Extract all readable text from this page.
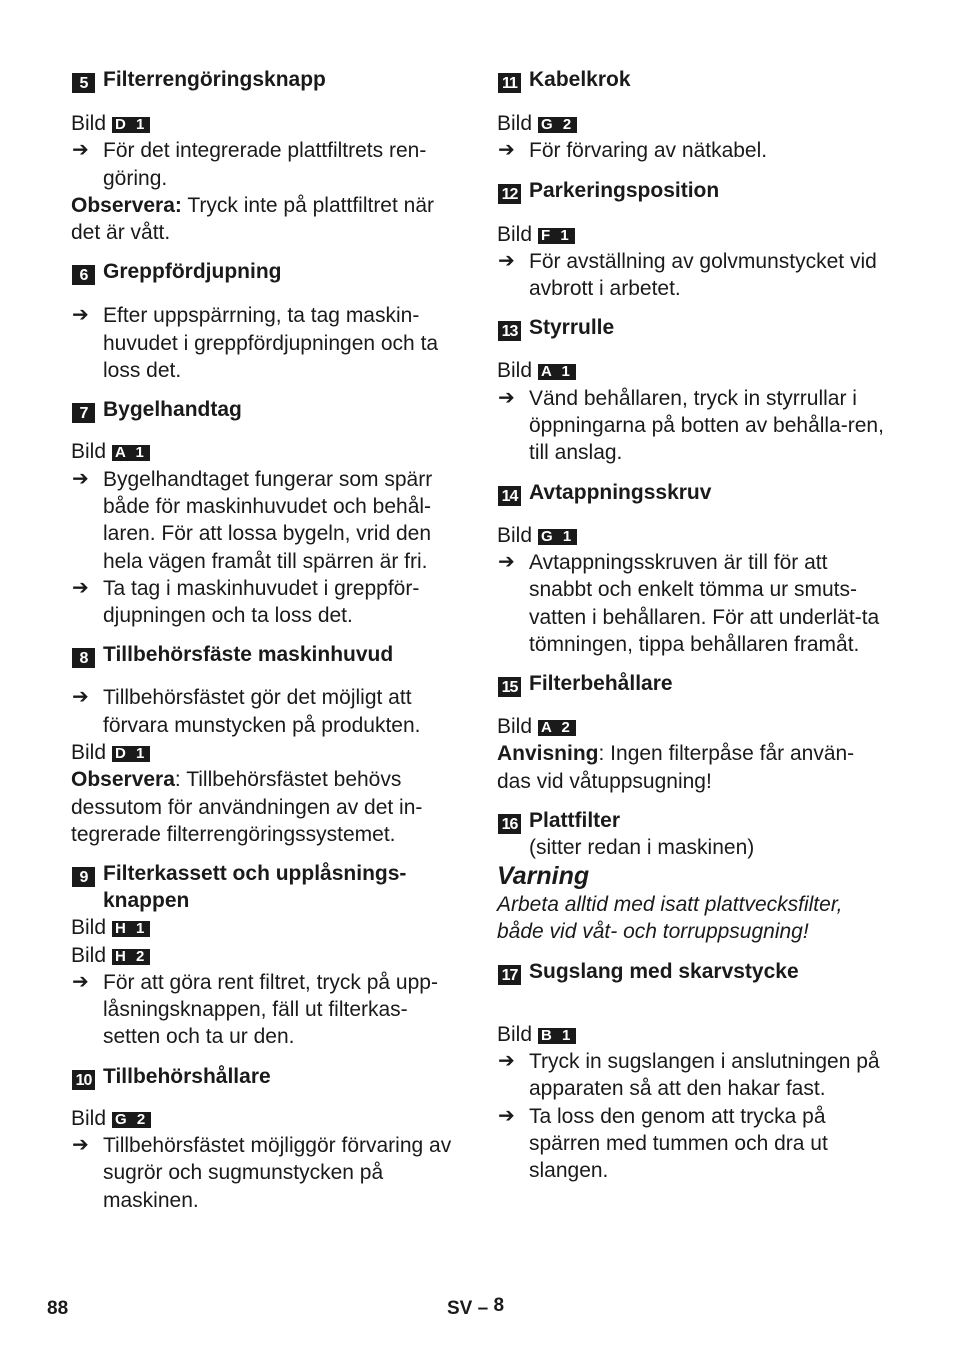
5 Filterrengöringsknapp
Bild D 1
➔ För det integrerade plattfiltrets ren-göring.

Observera: Tryck inte på plattfiltret när det är vått.

6 Greppfördjupning
➔ Efter uppspärrning, ta tag maskin-huvudet i greppfördjupningen och ta loss det.
7 Bygelhandtag
Bild A 1
➔ Bygelhandtaget fungerar som spärr både för maskinhuvudet och behål-laren. För att lossa bygeln, vrid den hela vägen framåt till spärren är fri.
➔ Ta tag i maskinhuvudet i greppför-djupningen och ta loss det.
8 Tillbehörsfäste maskinhuvud
➔ Tillbehörsfästet gör det möjligt att förvara munstycken på produkten.
Bild D 1

Observera: Tillbehörsfästet behövs dessutom för användningen av det in-tegrerade filterrengöringssystemet.

9 Filterkassett och upplåsnings-
knappen
Bild H 1
Bild H 2
➔ För att göra rent filtret, tryck på upp-låsningsknappen, fäll ut filterkas-setten och ta ur den.
10 Tillbehörshållare
Bild G 2
➔ Tillbehörsfästet möjliggör förvaring av sugrör och sugmunstycken på maskinen.
11 Kabelkrok
Bild G 2
➔ För förvaring av nätkabel.
12 Parkeringsposition
Bild F 1
➔ För avställning av golvmunstycket vid avbrott i arbetet.
13 Styrrulle
Bild A 1
➔ Vänd behållaren, tryck in styrrullar i öppningarna på botten av behålla-ren, till anslag.
14 Avtappningsskruv
Bild G 1
➔ Avtappningsskruven är till för att snabbt och enkelt tömma ur smuts-vatten i behållaren. För att underlät-ta tömningen, tippa behållaren framåt.
15 Filterbehållare
Bild A 2

Anvisning: Ingen filterpåse får använ-das vid våtuppsugning!

16 Plattfilter
(sitter redan i maskinen)
Varning
Arbeta alltid med isatt plattvecksfilter, både vid våt- och torruppsugning!
17 Sugslang med skarvstycke
Bild B 1
➔ Tryck in sugslangen i anslutningen på apparaten så att den hakar fast.
➔ Ta loss den genom att trycka på spärren med tummen och dra ut slangen.
88	SV – 8
